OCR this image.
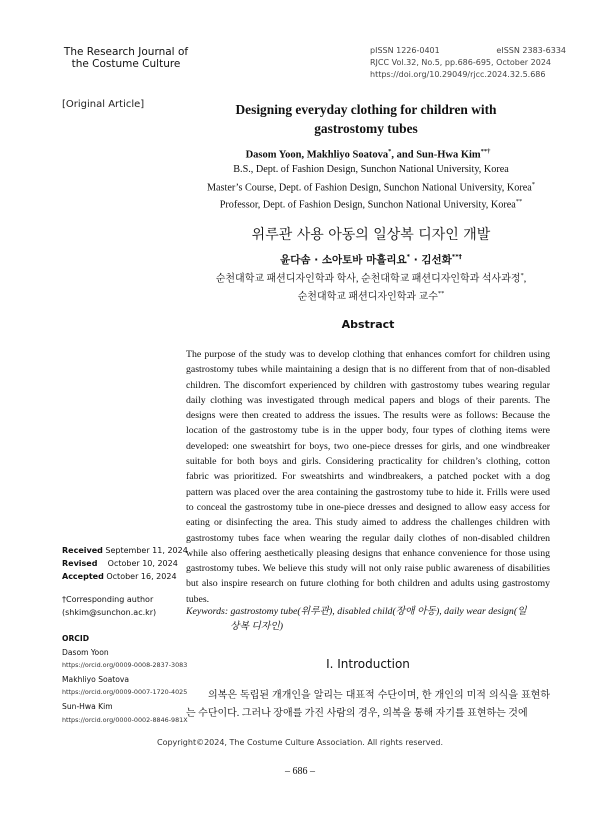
The Research Journal of
the Costume Culture
pISSN 1226-0401	eISSN 2383-6334
RJCC Vol.32, No.5, pp.686-695, October 2024
https://doi.org/10.29049/rjcc.2024.32.5.686
[Original Article]	Designing everyday clothing for children with
gastrostomy tubes
Dasom Yoon, Makhliyo Soatova*, and Sun-Hwa Kim**†
B.S., Dept. of Fashion Design, Sunchon National University, Korea
Master’s Course, Dept. of Fashion Design, Sunchon National University, Korea*
Professor, Dept. of Fashion Design, Sunchon National University, Korea**
위루관 사용 아동의 일상복 디자인 개발
윤다솜 · 소아토바 마흘리요* · 김선화**†
순천대학교 패션디자인학과 학사, 순천대학교 패션디자인학과 석사과정*,
순천대학교 패션디자인학과 교수**
Abstract
The purpose of the study was to develop clothing that enhances comfort for children using gastrostomy tubes while maintaining a design that is no different from that of non-disabled children. The discomfort experienced by children with gastrostomy tubes wearing regular daily clothing was investigated through medical papers and blogs of their parents. The designs were then created to address the issues. The results were as follows: Because the location of the gastrostomy tube is in the upper body, four types of clothing items were developed: one sweatshirt for boys, two one-piece dresses for girls, and one windbreaker suitable for both boys and girls. Considering practicality for children’s clothing, cotton fabric was prioritized. For sweatshirts and windbreakers, a patched pocket with a dog pattern was placed over the area containing the gastrostomy tube to hide it. Frills were used to conceal the gastrostomy tube in one-piece dresses and designed to allow easy access for eating or disinfecting the area. This study aimed to address the challenges children with gastrostomy tubes face when wearing the regular daily clothes of non-disabled children while also offering aesthetically pleasing designs that enhance convenience for those using gastrostomy tubes. We believe this study will not only raise public awareness of disabilities but also inspire research on future clothing for both children and adults using gastrostomy tubes.
Keywords: gastrostomy tube(위루관), disabled child(장애 아동), daily wear design(일
상복 디자인)
Received September 11, 2024
Revised October 10, 2024
Accepted October 16, 2024
†Corresponding author
(shkim@sunchon.ac.kr)
ORCID
Dasom Yoon
https://orcid.org/0009-0008-2837-3083
Makhliyo Soatova
https://orcid.org/0009-0007-1720-4025
Sun-Hwa Kim
https://orcid.org/0000-0002-8846-981X
I. Introduction
의복은 독립된 개개인을 알리는 대표적 수단이며, 한 개인의 미적 의식을 표현하는 수단이다. 그러나 장애를 가진 사람의 경우, 의복을 통해 자기를 표현하는 것에
Copyright©2024, The Costume Culture Association. All rights reserved.
– 686 –
